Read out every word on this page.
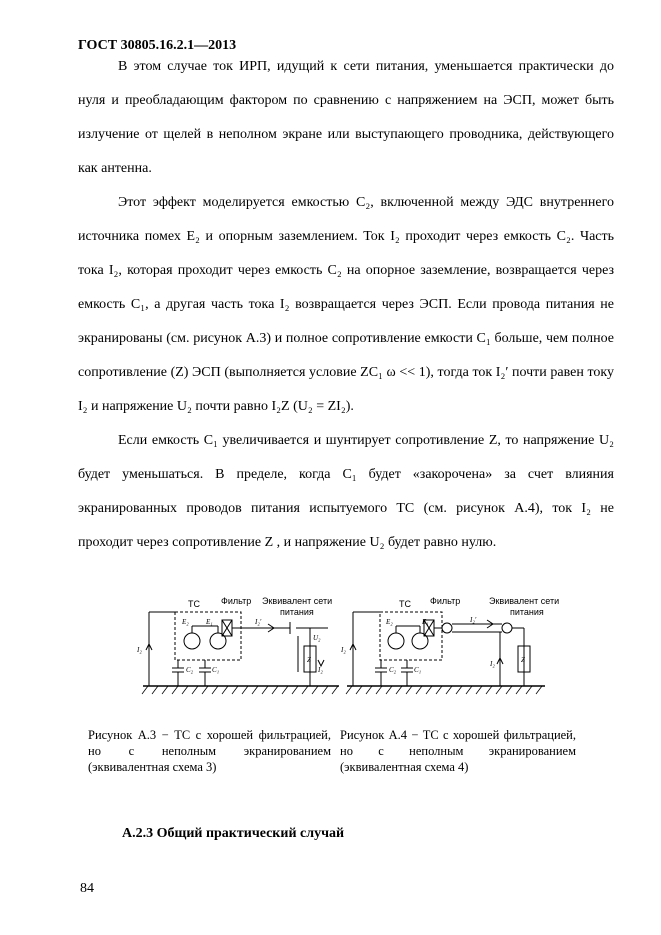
ГОСТ 30805.16.2.1—2013

В этом случае ток ИРП, идущий к сети питания, уменьшается практически до нуля и преобладающим фактором по сравнению с напряжением на ЭСП, может быть излучение от щелей в неполном экране или выступающего проводника, действующего как антенна.

Этот эффект моделируется емкостью C₂, включенной между ЭДС внутреннего источника помех E₂ и опорным заземлением. Ток I₂ проходит через емкость C₂. Часть тока I₂, которая проходит через емкость C₂ на опорное заземление, возвращается через емкость C₁, а другая часть тока I₂ возвращается через ЭСП. Если провода питания не экранированы (см. рисунок А.3) и полное сопротивление емкости C₁ больше, чем полное сопротивление (Z) ЭСП (выполняется условие ZC₁ ω << 1), тогда ток I₂′ почти равен току I₂ и напряжение U₂ почти равно I₂Z (U₂ = ZI₂).

Если емкость C₁ увеличивается и шунтирует сопротивление Z, то напряжение U₂ будет уменьшаться. В пределе, когда C₁ будет «закорочена» за счет влияния экранированных проводов питания испытуемого ТС (см. рисунок А.4), ток I₂ не проходит через сопротивление Z , и напряжение U₂ будет равно нулю.

ТС Фильтр Эквивалент сети
питания
E₂ E₁
C₂	C₁
I₂
I₂′
U₂
I₂
Z
ТС Фильтр	Эквивалент сети
питания
E₂	E₁
C₂	C₁
I₂
I₂′
I₂	Z

Рисунок А.3 − ТС с хорошей фильтрацией, но с неполным экранированием (эквивалентная схема 3)

Рисунок А.4 − ТС с хорошей фильтрацией, но с неполным экранированием (эквивалентная схема 4)

А.2.3 Общий практический случай
84
